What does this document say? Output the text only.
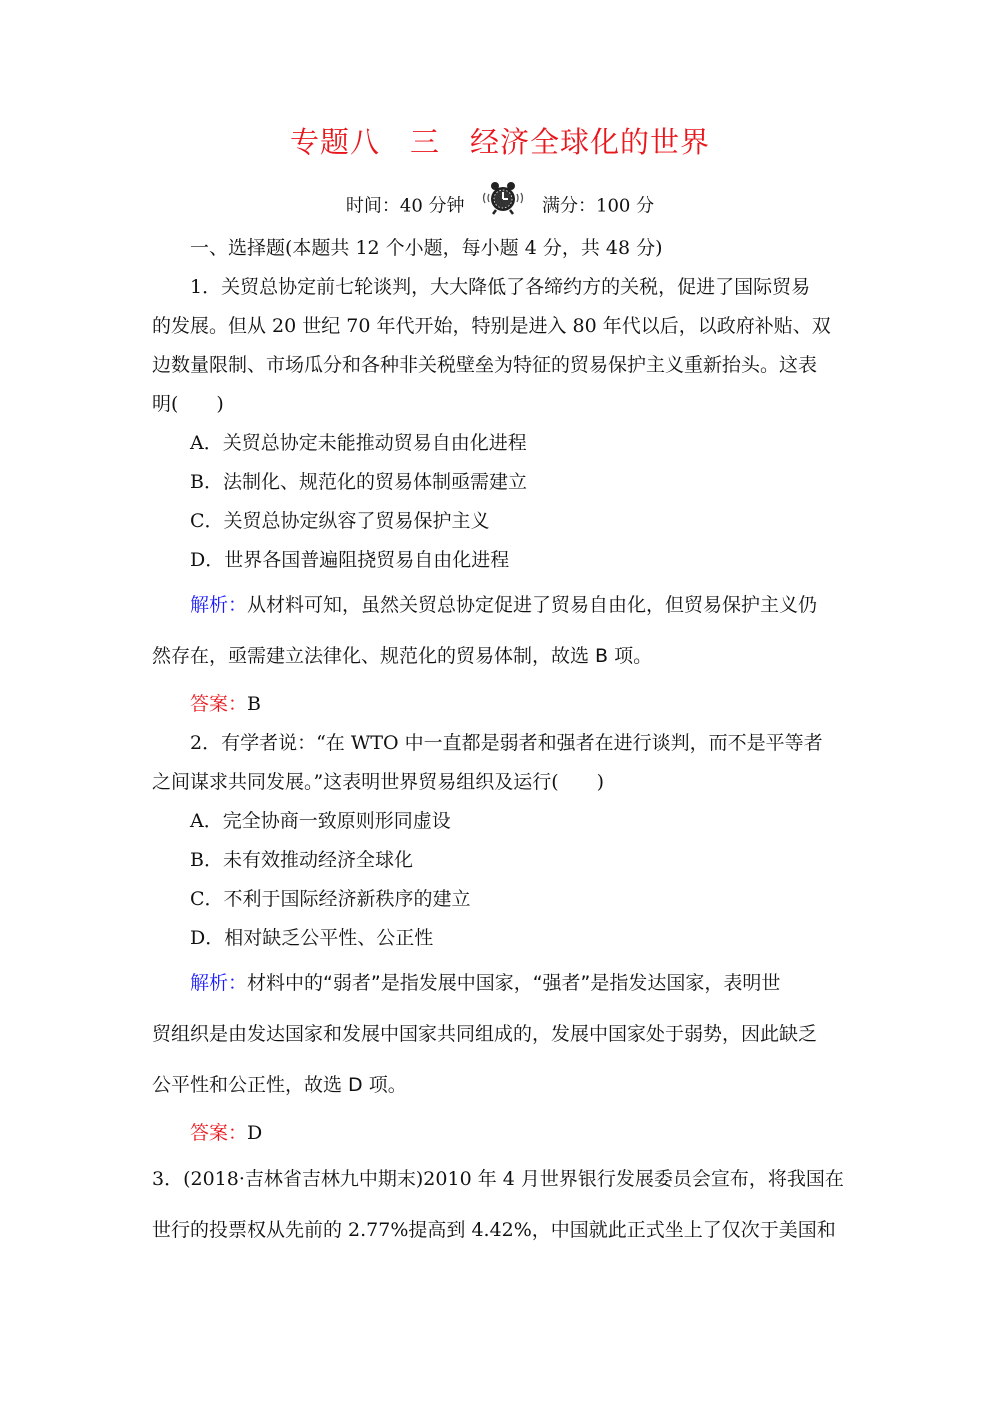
专题八　三　经济全球化的世界
时间：40 分钟	满分：100 分
一、选择题(本题共 12 个小题，每小题 4 分，共 48 分)
1．关贸总协定前七轮谈判，大大降低了各缔约方的关税，促进了国际贸易
的发展。但从 20 世纪 70 年代开始，特别是进入 80 年代以后，以政府补贴、双
边数量限制、市场瓜分和各种非关税壁垒为特征的贸易保护主义重新抬头。这表
明(　　)
A．关贸总协定未能推动贸易自由化进程
B．法制化、规范化的贸易体制亟需建立
C．关贸总协定纵容了贸易保护主义
D．世界各国普遍阻挠贸易自由化进程
解析：从材料可知，虽然关贸总协定促进了贸易自由化，但贸易保护主义仍
然存在，亟需建立法律化、规范化的贸易体制，故选 B 项。
答案：B
2．有学者说：“在 WTO 中一直都是弱者和强者在进行谈判，而不是平等者
之间谋求共同发展。”这表明世界贸易组织及运行(　　)
A．完全协商一致原则形同虚设
B．未有效推动经济全球化
C．不利于国际经济新秩序的建立
D．相对缺乏公平性、公正性
解析：材料中的“弱者”是指发展中国家，“强者”是指发达国家，表明世
贸组织是由发达国家和发展中国家共同组成的，发展中国家处于弱势，因此缺乏
公平性和公正性，故选 D 项。
答案：D
3．(2018·吉林省吉林九中期末)2010 年 4 月世界银行发展委员会宣布，将我国在
世行的投票权从先前的 2.77%提高到 4.42%，中国就此正式坐上了仅次于美国和
